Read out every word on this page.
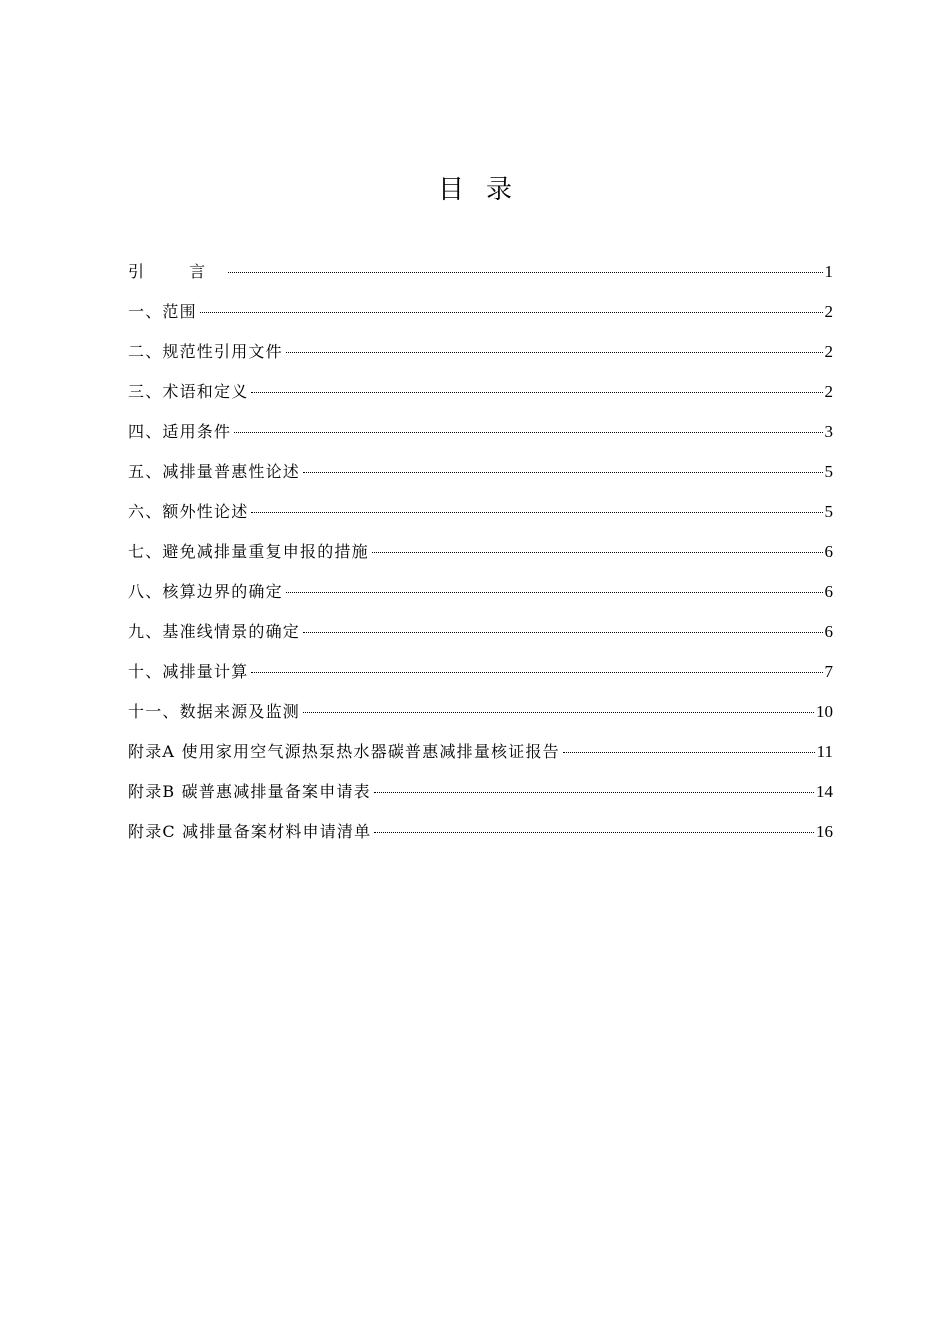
目录
引 言	1
一、范围	2
二、规范性引用文件	2
三、术语和定义	2
四、适用条件	3
五、减排量普惠性论述	5
六、额外性论述	5
七、避免减排量重复申报的措施	6
八、核算边界的确定	6
九、基准线情景的确定	6
十、减排量计算	7
十一、数据来源及监测	10
附录A 使用家用空气源热泵热水器碳普惠减排量核证报告	11
附录B 碳普惠减排量备案申请表	14
附录C 减排量备案材料申请清单	16
